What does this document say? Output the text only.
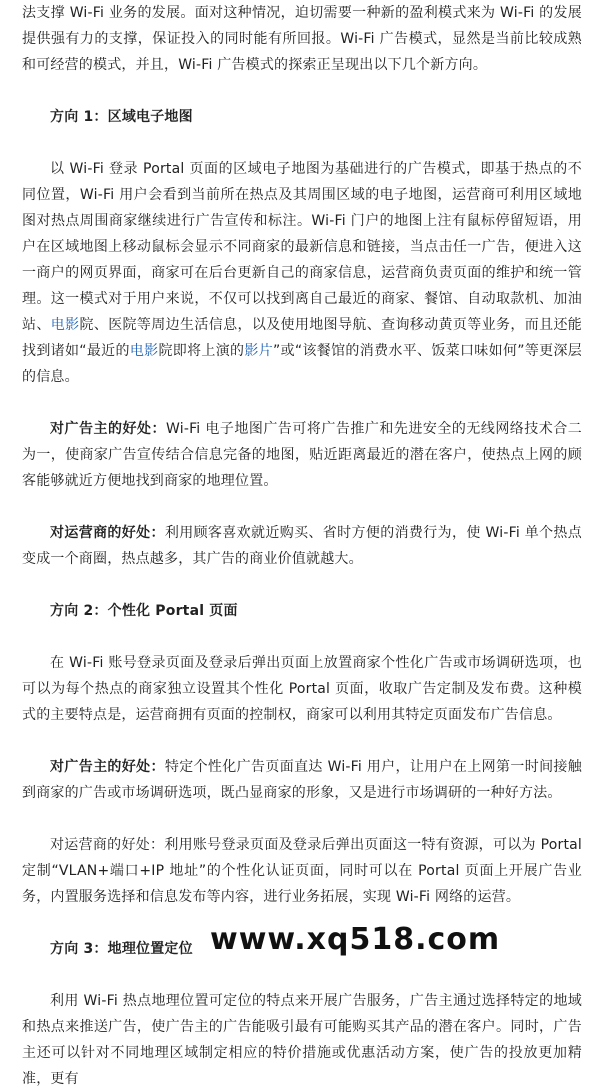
法支撑 Wi-Fi 业务的发展。面对这种情况，迫切需要一种新的盈利模式来为 Wi-Fi 的发展提供强有力的支撑，保证投入的同时能有所回报。Wi-Fi 广告模式，显然是当前比较成熟和可经营的模式，并且，Wi-Fi 广告模式的探索正呈现出以下几个新方向。

方向 1：区域电子地图

以 Wi-Fi 登录 Portal 页面的区域电子地图为基础进行的广告模式，即基于热点的不同位置，Wi-Fi 用户会看到当前所在热点及其周围区域的电子地图，运营商可利用区域地图对热点周围商家继续进行广告宣传和标注。Wi-Fi 门户的地图上注有鼠标停留短语，用户在区域地图上移动鼠标会显示不同商家的最新信息和链接，当点击任一广告，便进入这一商户的网页界面，商家可在后台更新自己的商家信息，运营商负责页面的维护和统一管理。这一模式对于用户来说，不仅可以找到离自己最近的商家、餐馆、自动取款机、加油站、电影院、医院等周边生活信息，以及使用地图导航、查询移动黄页等业务，而且还能找到诸如“最近的电影院即将上演的影片”或“该餐馆的消费水平、饭菜口味如何”等更深层的信息。

对广告主的好处：Wi-Fi 电子地图广告可将广告推广和先进安全的无线网络技术合二为一，使商家广告宣传结合信息完备的地图，贴近距离最近的潜在客户，使热点上网的顾客能够就近方便地找到商家的地理位置。

对运营商的好处：利用顾客喜欢就近购买、省时方便的消费行为，使 Wi-Fi 单个热点变成一个商圈，热点越多，其广告的商业价值就越大。

方向 2：个性化 Portal 页面

在 Wi-Fi 账号登录页面及登录后弹出页面上放置商家个性化广告或市场调研选项，也可以为每个热点的商家独立设置其个性化 Portal 页面，收取广告定制及发布费。这种模式的主要特点是，运营商拥有页面的控制权，商家可以利用其特定页面发布广告信息。

对广告主的好处：特定个性化广告页面直达 Wi-Fi 用户，让用户在上网第一时间接触到商家的广告或市场调研选项，既凸显商家的形象，又是进行市场调研的一种好方法。

对运营商的好处：利用账号登录页面及登录后弹出页面这一特有资源，可以为 Portal 定制“VLAN+端口+IP 地址”的个性化认证页面，同时可以在 Portal 页面上开展广告业务，内置服务选择和信息发布等内容，进行业务拓展，实现 Wi-Fi 网络的运营。

方向 3：地理位置定位

利用 Wi-Fi 热点地理位置可定位的特点来开展广告服务，广告主通过选择特定的地域和热点来推送广告，使广告主的广告能吸引最有可能购买其产品的潜在客户。同时，广告主还可以针对不同地理区域制定相应的特价措施或优惠活动方案，使广告的投放更加精准，更有

www.xq518.com
